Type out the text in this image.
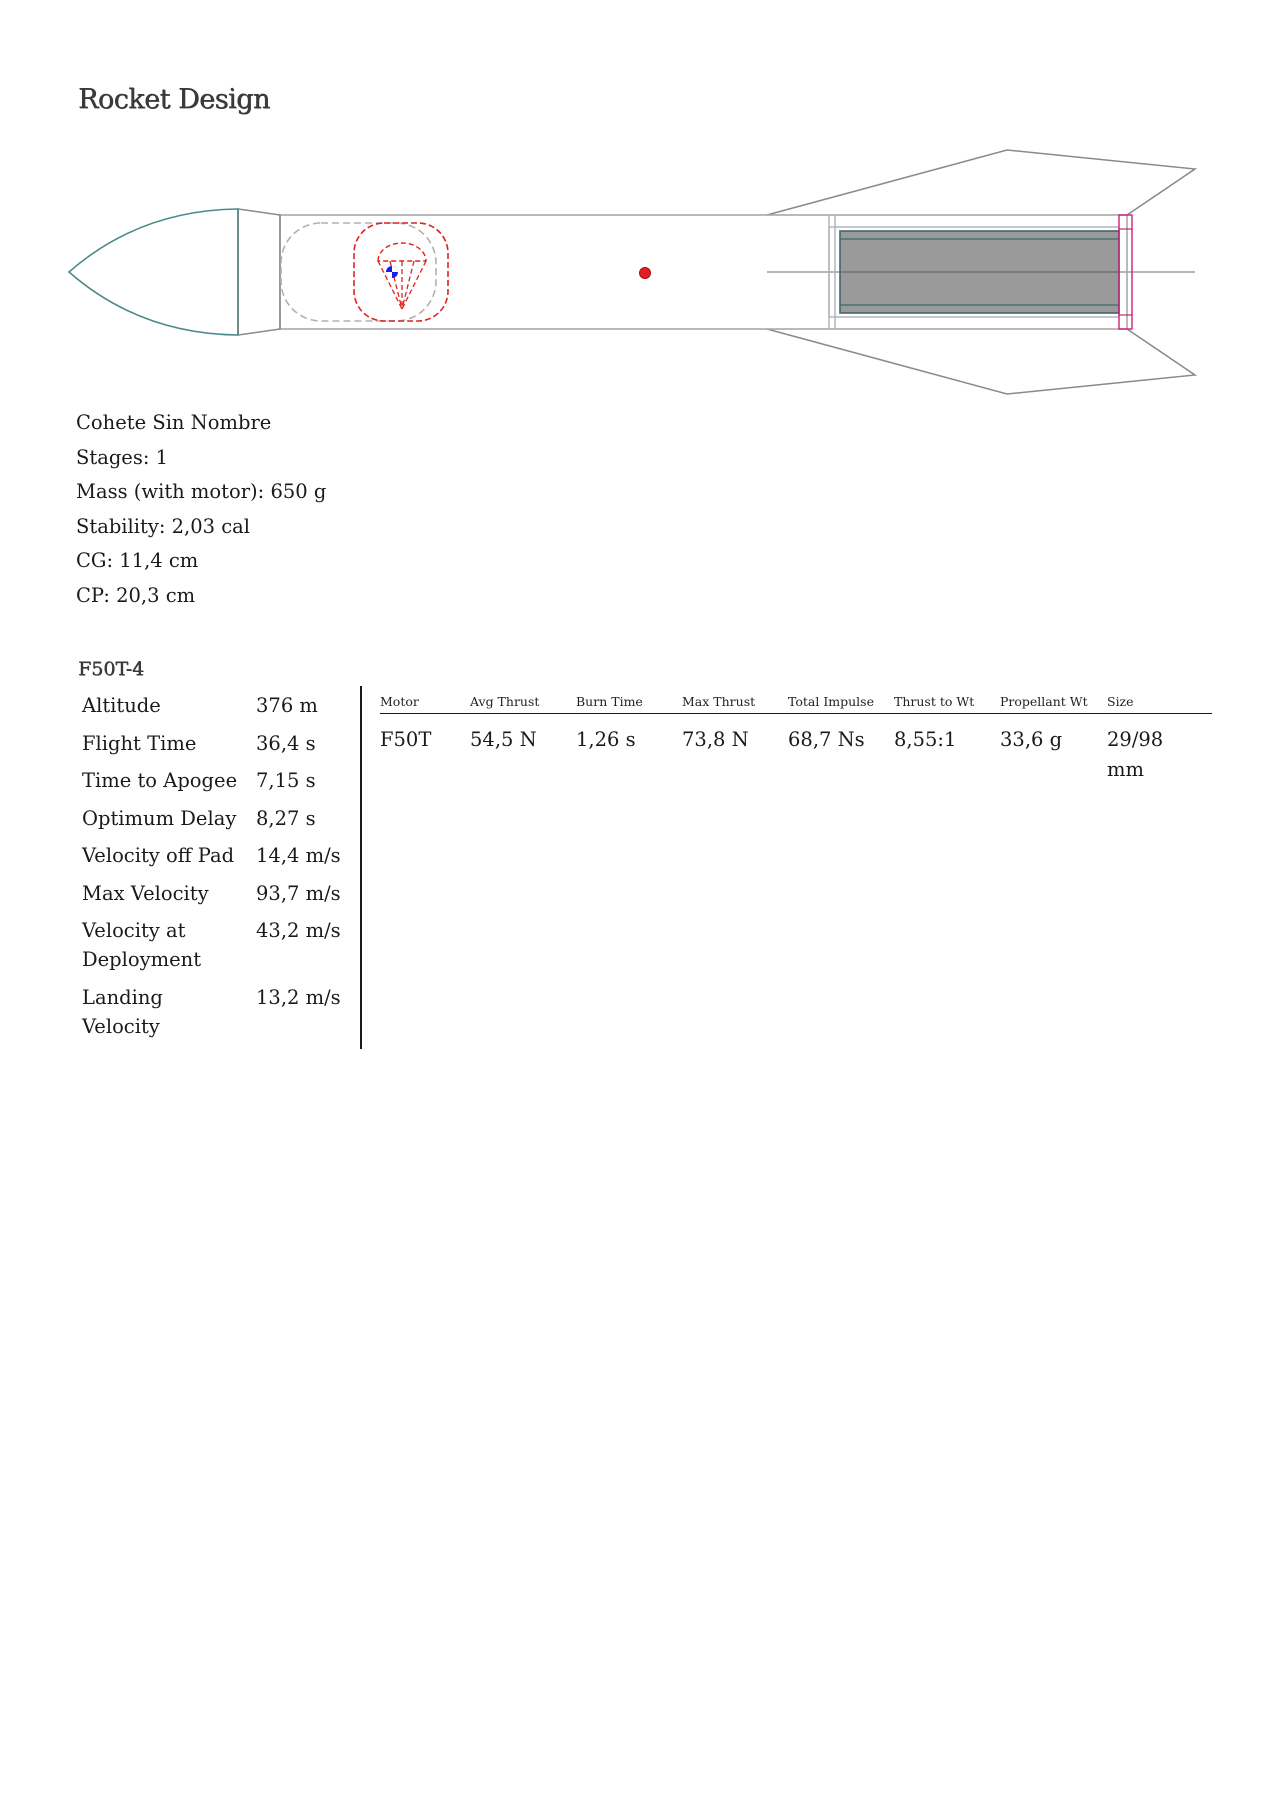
Rocket Design
Cohete Sin Nombre
Stages: 1
Mass (with motor): 650 g
Stability: 2,03 cal
CG: 11,4 cm
CP: 20,3 cm
F50T-4
Altitude	376 m
Flight Time	36,4 s
Time to Apogee	7,15 s
Optimum Delay	8,27 s
Velocity off Pad	14,4 m/s
Max Velocity	93,7 m/s
Velocity at Deployment	43,2 m/s
Landing Velocity	13,2 m/s
Motor	Avg Thrust	Burn Time	Max Thrust	Total Impulse	Thrust to Wt	Propellant Wt	Size
F50T	54,5 N	1,26 s	73,8 N	68,7 Ns	8,55:1	33,6 g	29/98 mm
